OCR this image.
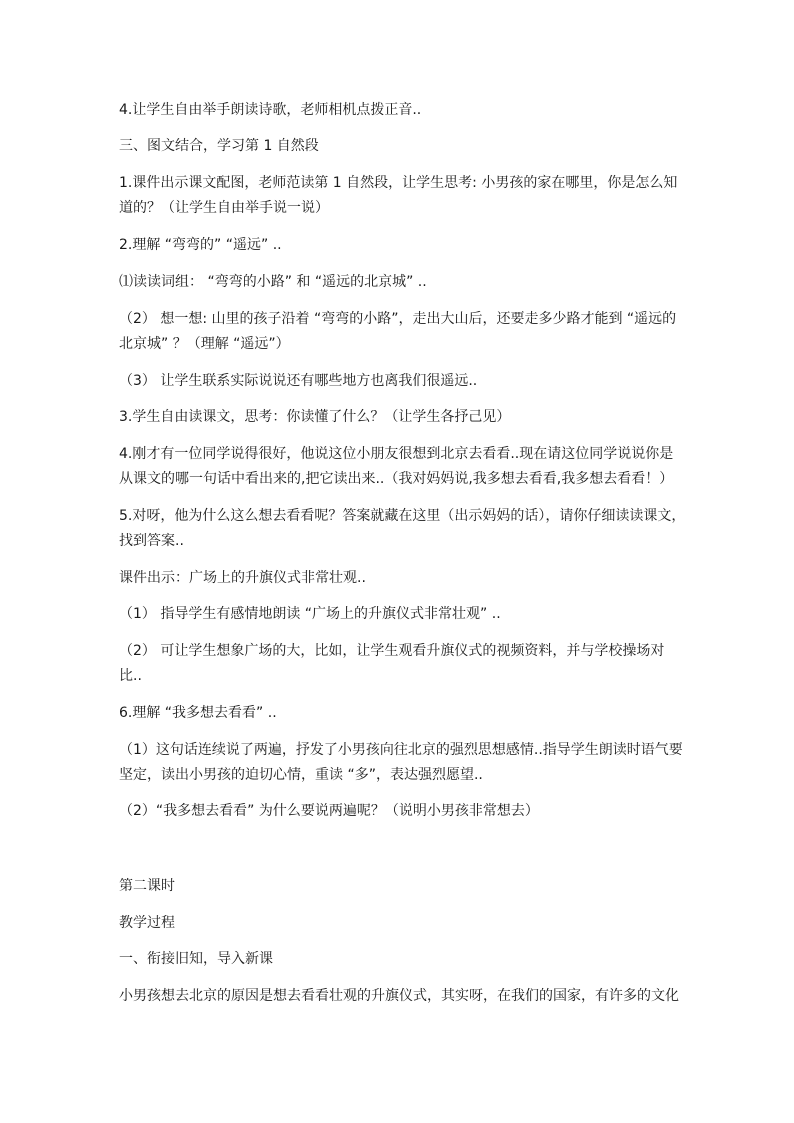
4.让学生自由举手朗读诗歌，老师相机点拨正音..
三、图文结合，学习第 1 自然段
1.课件出示课文配图，老师范读第 1 自然段，让学生思考: 小男孩的家在哪里，你是怎么知
道的？（让学生自由举手说一说）
2.理解 “弯弯的” “遥远” ..
⑴读读词组： “弯弯的小路” 和 “遥远的北京城” ..
（2） 想一想: 山里的孩子沿着 “弯弯的小路”，走出大山后，还要走多少路才能到 “遥远的
北京城” ？（理解 “遥远”）
（3） 让学生联系实际说说还有哪些地方也离我们很遥远..
3.学生自由读课文，思考：你读懂了什么？（让学生各抒己见）
4.刚才有一位同学说得很好，他说这位小朋友很想到北京去看看..现在请这位同学说说你是
从课文的哪一句话中看出来的,把它读出来..（我对妈妈说,我多想去看看,我多想去看看！）
5.对呀，他为什么这么想去看看呢？答案就藏在这里（出示妈妈的话），请你仔细读读课文，
找到答案..
课件出示：广场上的升旗仪式非常壮观..
（1） 指导学生有感情地朗读 “广场上的升旗仪式非常壮观” ..
（2） 可让学生想象广场的大，比如，让学生观看升旗仪式的视频资料，并与学校操场对
比..
6.理解 “我多想去看看” ..
（1）这句话连续说了两遍，抒发了小男孩向往北京的强烈思想感情..指导学生朗读时语气要
坚定，读出小男孩的迫切心情，重读 “多”，表达强烈愿望..
（2）“我多想去看看” 为什么要说两遍呢？（说明小男孩非常想去）
第二课时
教学过程
一、衔接旧知，导入新课
小男孩想去北京的原因是想去看看壮观的升旗仪式，其实呀，在我们的国家，有许多的文化
